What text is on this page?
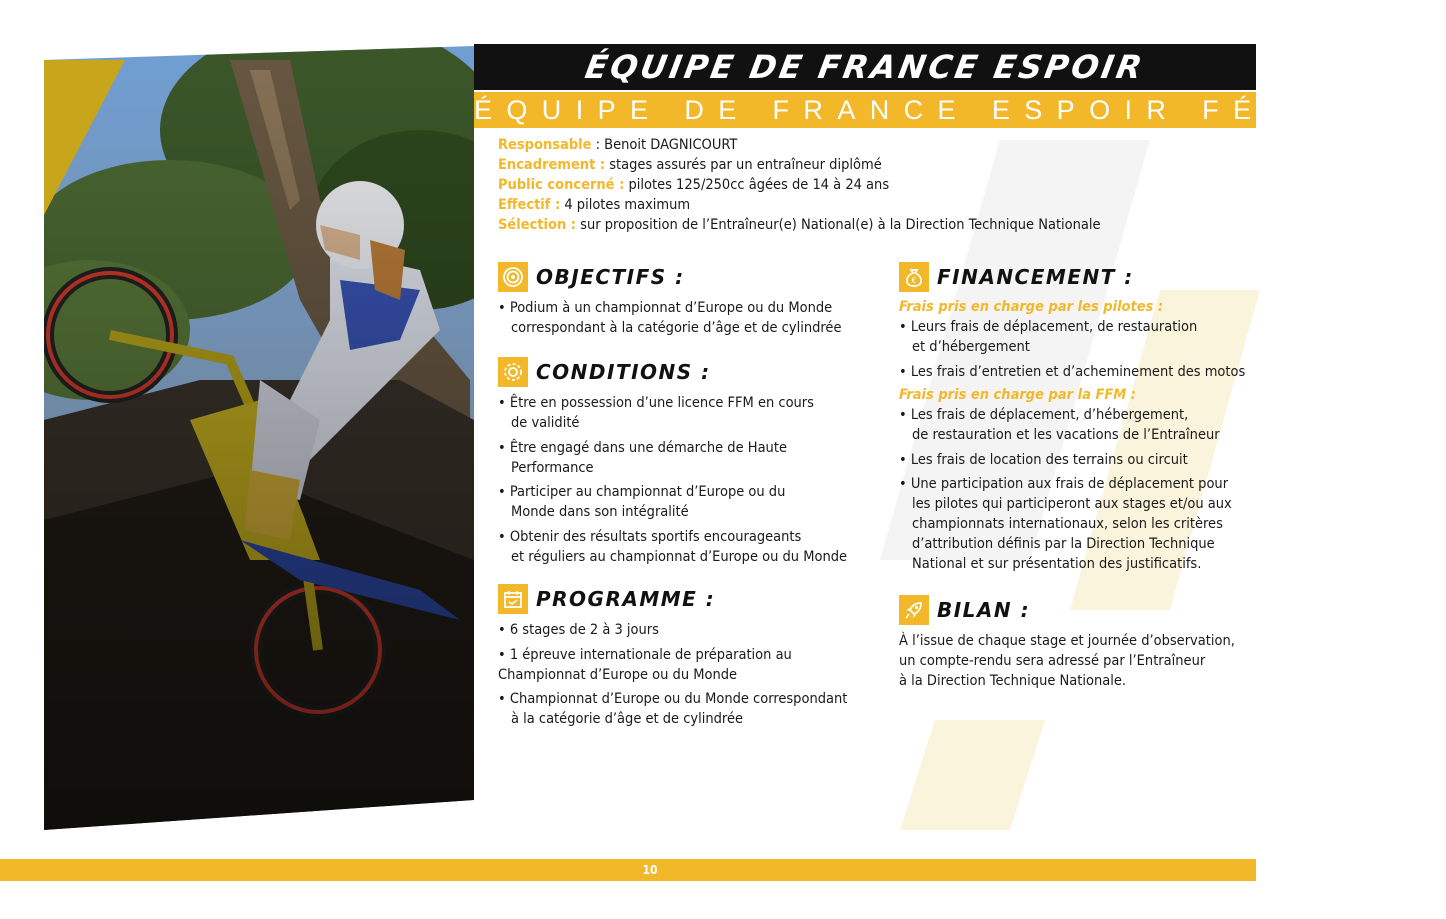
ÉQUIPE DE FRANCE ESPOIR
ÉQUIPE DE FRANCE ESPOIR FÉMININE
Responsable : Benoit DAGNICOURT
Encadrement : stages assurés par un entraîneur diplômé
Public concerné : pilotes 125/250cc âgées de 14 à 24 ans
Effectif : 4 pilotes maximum
Sélection : sur proposition de l’Entraîneur(e) National(e) à la Direction Technique Nationale
OBJECTIFS :
• Podium à un championnat d’Europe ou du Monde
correspondant à la catégorie d’âge et de cylindrée
CONDITIONS :
• Être en possession d’une licence FFM en cours
de validité
• Être engagé dans une démarche de Haute
Performance
• Participer au championnat d’Europe ou du
Monde dans son intégralité
• Obtenir des résultats sportifs encourageants
et réguliers au championnat d’Europe ou du Monde
PROGRAMME :
• 6 stages de 2 à 3 jours
• 1 épreuve internationale de préparation au
Championnat d’Europe ou du Monde
• Championnat d’Europe ou du Monde correspondant
à la catégorie d’âge et de cylindrée
€ FINANCEMENT :
Frais pris en charge par les pilotes :
• Leurs frais de déplacement, de restauration
et d’hébergement
• Les frais d’entretien et d’acheminement des motos
Frais pris en charge par la FFM :
• Les frais de déplacement, d’hébergement,
de restauration et les vacations de l’Entraîneur
• Les frais de location des terrains ou circuit
• Une participation aux frais de déplacement pour
les pilotes qui participeront aux stages et/ou aux
championnats internationaux, selon les critères
d’attribution définis par la Direction Technique
National et sur présentation des justificatifs.
BILAN :
À l’issue de chaque stage et journée d’observation,
un compte-rendu sera adressé par l’Entraîneur
à la Direction Technique Nationale.
10
